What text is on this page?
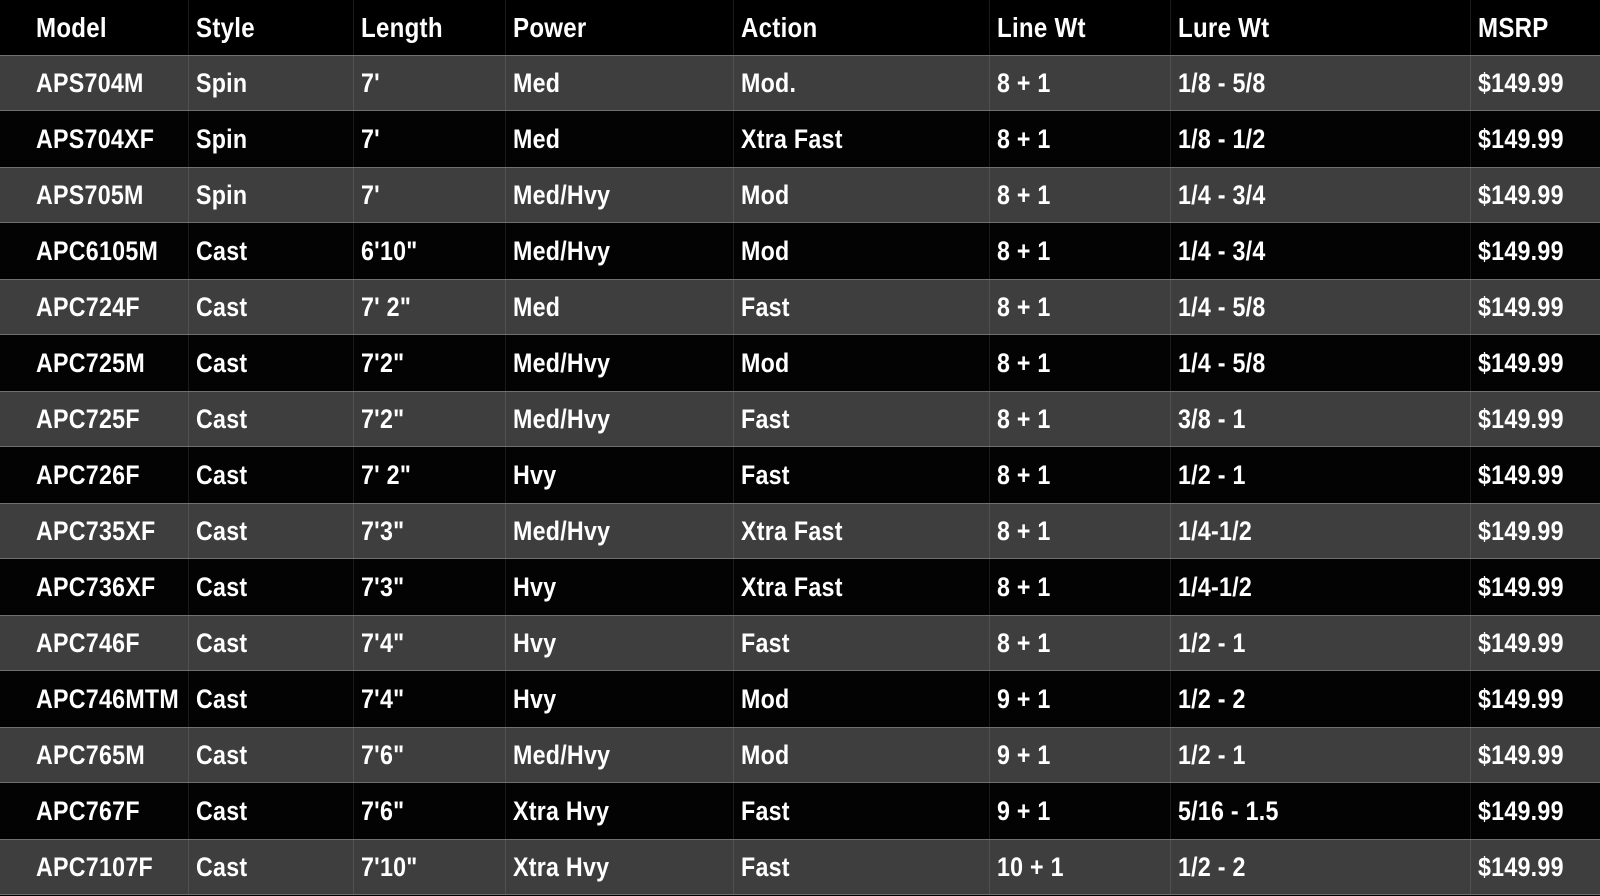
Model	Style	Length	Power	Action	Line Wt	Lure Wt	MSRP
APS704M Spin	7'	Med	Mod.	8 + 1	1/8 - 5/8	$149.99
APS704XF Spin	7'	Med	Xtra Fast	8 + 1	1/8 - 1/2	$149.99
APS705M Spin	7'	Med/Hvy	Mod	8 + 1	1/4 - 3/4	$149.99
APC6105M Cast	6'10"	Med/Hvy	Mod	8 + 1	1/4 - 3/4	$149.99
APC724F Cast	7' 2"	Med	Fast	8 + 1	1/4 - 5/8	$149.99
APC725M Cast	7'2"	Med/Hvy	Mod	8 + 1	1/4 - 5/8	$149.99
APC725F Cast	7'2"	Med/Hvy	Fast	8 + 1	3/8 - 1	$149.99
APC726F Cast	7' 2"	Hvy	Fast	8 + 1	1/2 - 1	$149.99
APC735XF Cast	7'3"	Med/Hvy	Xtra Fast	8 + 1	1/4-1/2	$149.99
APC736XF Cast	7'3"	Hvy	Xtra Fast	8 + 1	1/4-1/2	$149.99
APC746F Cast	7'4"	Hvy	Fast	8 + 1	1/2 - 1	$149.99
APC746MTM Cast	7'4"	Hvy	Mod	9 + 1	1/2 - 2	$149.99
APC765M Cast	7'6"	Med/Hvy	Mod	9 + 1	1/2 - 1	$149.99
APC767F Cast	7'6"	Xtra Hvy	Fast	9 + 1	5/16 - 1.5	$149.99
APC7107F Cast	7'10"	Xtra Hvy	Fast	10 + 1	1/2 - 2	$149.99
